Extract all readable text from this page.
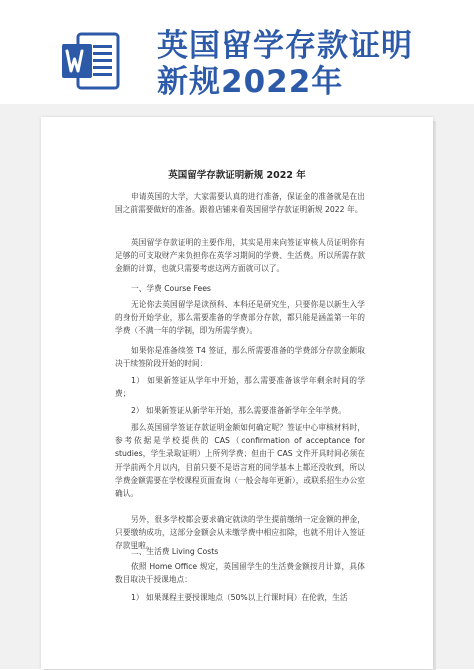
英国留学存款证明
新规2022年
英国留学存款证明新规 2022 年
申请英国的大学，大家需要认真的进行准备，保证金的准备就是在出国之前需要做好的准备。跟着店铺来看英国留学存款证明新规 2022 年。
英国留学存款证明的主要作用，其实是用来向签证审核人员证明你有足够的可支取财产来负担你在英学习期间的学费、生活费。所以所需存款金额的计算，也就只需要考虑这两方面就可以了。
一、学费 Course Fees
无论你去英国留学是读预科、本科还是研究生，只要你是以新生入学的身份开始学业，那么需要准备的学费部分存款，都只能是涵盖第一年的学费（不满一年的学制，即为所需学费）。
如果你是准备续签 T4 签证，那么所需要准备的学费部分存款金额取决于续签阶段开始的时间：
1） 如果新签证从学年中开始，那么需要准备该学年剩余时间的学费；
2） 如果新签证从新学年开始，那么需要准备新学年全年学费。
那么英国留学签证存款证明金额如何确定呢？签证中心审核材料时，参考依据是学校提供的 CAS（confirmation of acceptance for studies，学生录取证明）上所列学费；但由于 CAS 文件开具时间必须在开学前两个月以内，目前只要不是语言班的同学基本上都还没收到，所以学费金额需要在学校课程页面查询（一般会每年更新），或联系招生办公室确认。
另外，很多学校都会要求确定就读的学生提前缴纳一定金额的押金，只要缴纳成功，这部分金额会从未缴学费中相应扣除，也就不用计入签证存款里啦。
二、生活费 Living Costs
依照 Home Office 规定，英国留学生的生活费金额按月计算，具体数目取决于授课地点：
1） 如果课程主要授课地点（50%以上行课时间）在伦敦，生活
